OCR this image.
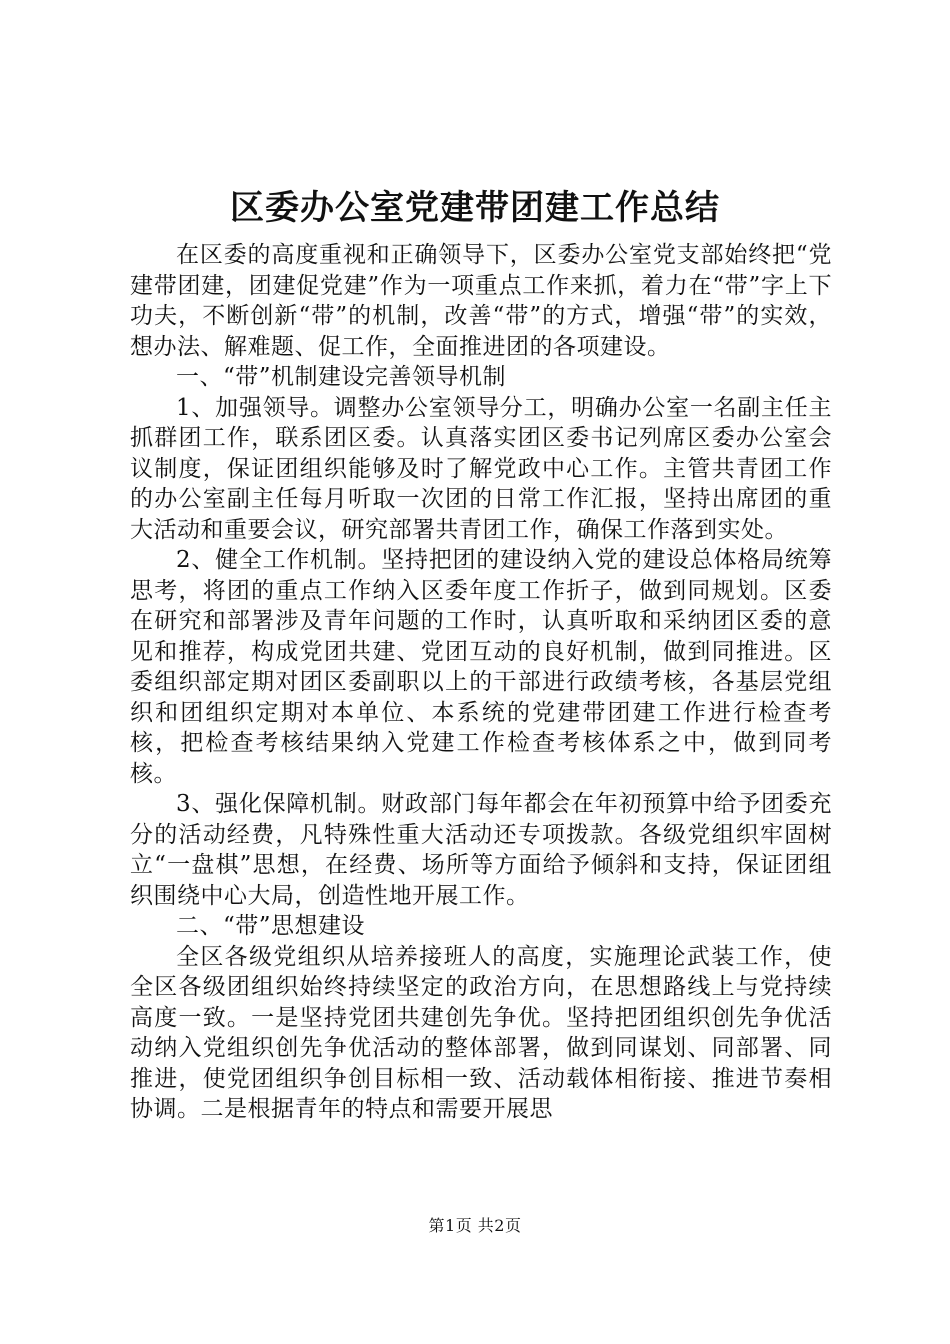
区委办公室党建带团建工作总结

在区委的高度重视和正确领导下，区委办公室党支部始终把“党建带团建，团建促党建”作为一项重点工作来抓，着力在“带”字上下功夫，不断创新“带”的机制，改善“带”的方式，增强“带”的实效，想办法、解难题、促工作，全面推进团的各项建设。

一、“带”机制建设完善领导机制

1、加强领导。调整办公室领导分工，明确办公室一名副主任主抓群团工作，联系团区委。认真落实团区委书记列席区委办公室会议制度，保证团组织能够及时了解党政中心工作。主管共青团工作的办公室副主任每月听取一次团的日常工作汇报，坚持出席团的重大活动和重要会议，研究部署共青团工作，确保工作落到实处。

2、健全工作机制。坚持把团的建设纳入党的建设总体格局统筹思考，将团的重点工作纳入区委年度工作折子，做到同规划。区委在研究和部署涉及青年问题的工作时，认真听取和采纳团区委的意见和推荐，构成党团共建、党团互动的良好机制，做到同推进。区委组织部定期对团区委副职以上的干部进行政绩考核，各基层党组织和团组织定期对本单位、本系统的党建带团建工作进行检查考核，把检查考核结果纳入党建工作检查考核体系之中，做到同考核。

3、强化保障机制。财政部门每年都会在年初预算中给予团委充分的活动经费，凡特殊性重大活动还专项拨款。各级党组织牢固树立“一盘棋”思想，在经费、场所等方面给予倾斜和支持，保证团组织围绕中心大局，创造性地开展工作。

二、“带”思想建设

全区各级党组织从培养接班人的高度，实施理论武装工作，使全区各级团组织始终持续坚定的政治方向，在思想路线上与党持续高度一致。一是坚持党团共建创先争优。坚持把团组织创先争优活动纳入党组织创先争优活动的整体部署，做到同谋划、同部署、同推进，使党团组织争创目标相一致、活动载体相衔接、推进节奏相协调。二是根据青年的特点和需要开展思

第1页 共2页
